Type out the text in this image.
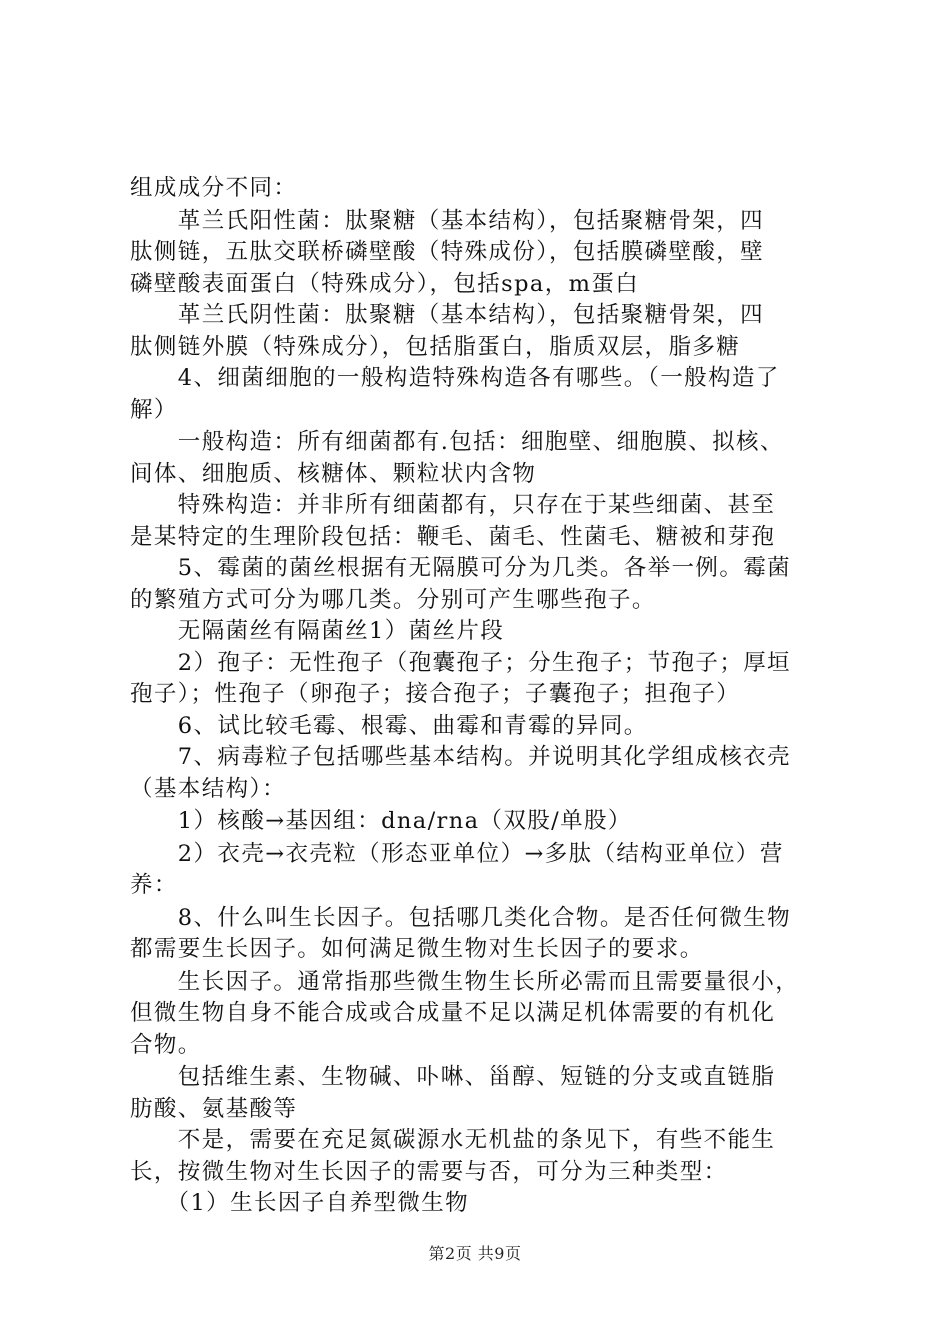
组成成分不同：
　　革兰氏阳性菌：肽聚糖（基本结构），包括聚糖骨架，四
肽侧链，五肽交联桥磷壁酸（特殊成份），包括膜磷壁酸，壁
磷壁酸表面蛋白（特殊成分），包括spa，m蛋白
　　革兰氏阴性菌：肽聚糖（基本结构），包括聚糖骨架，四
肽侧链外膜（特殊成分），包括脂蛋白，脂质双层，脂多糖
　　4、细菌细胞的一般构造特殊构造各有哪些。（一般构造了
解）
　　一般构造：所有细菌都有.包括：细胞壁、细胞膜、拟核、
间体、细胞质、核糖体、颗粒状内含物
　　特殊构造：并非所有细菌都有，只存在于某些细菌、甚至
是某特定的生理阶段包括：鞭毛、菌毛、性菌毛、糖被和芽孢
　　5、霉菌的菌丝根据有无隔膜可分为几类。各举一例。霉菌
的繁殖方式可分为哪几类。分别可产生哪些孢子。
　　无隔菌丝有隔菌丝1）菌丝片段
　　2）孢子：无性孢子（孢囊孢子；分生孢子；节孢子；厚垣
孢子）；性孢子（卵孢子；接合孢子；子囊孢子；担孢子）
　　6、试比较毛霉、根霉、曲霉和青霉的异同。
　　7、病毒粒子包括哪些基本结构。并说明其化学组成核衣壳
（基本结构）：
　　1）核酸→基因组：dna/rna（双股/单股）
　　2）衣壳→衣壳粒（形态亚单位）→多肽（结构亚单位）营
养：
　　8、什么叫生长因子。包括哪几类化合物。是否任何微生物
都需要生长因子。如何满足微生物对生长因子的要求。
　　生长因子。通常指那些微生物生长所必需而且需要量很小，
但微生物自身不能合成或合成量不足以满足机体需要的有机化
合物。
　　包括维生素、生物碱、卟啉、甾醇、短链的分支或直链脂
肪酸、氨基酸等
　　不是，需要在充足氮碳源水无机盐的条见下，有些不能生
长，按微生物对生长因子的需要与否，可分为三种类型：
　　（1）生长因子自养型微生物
第2页 共9页
